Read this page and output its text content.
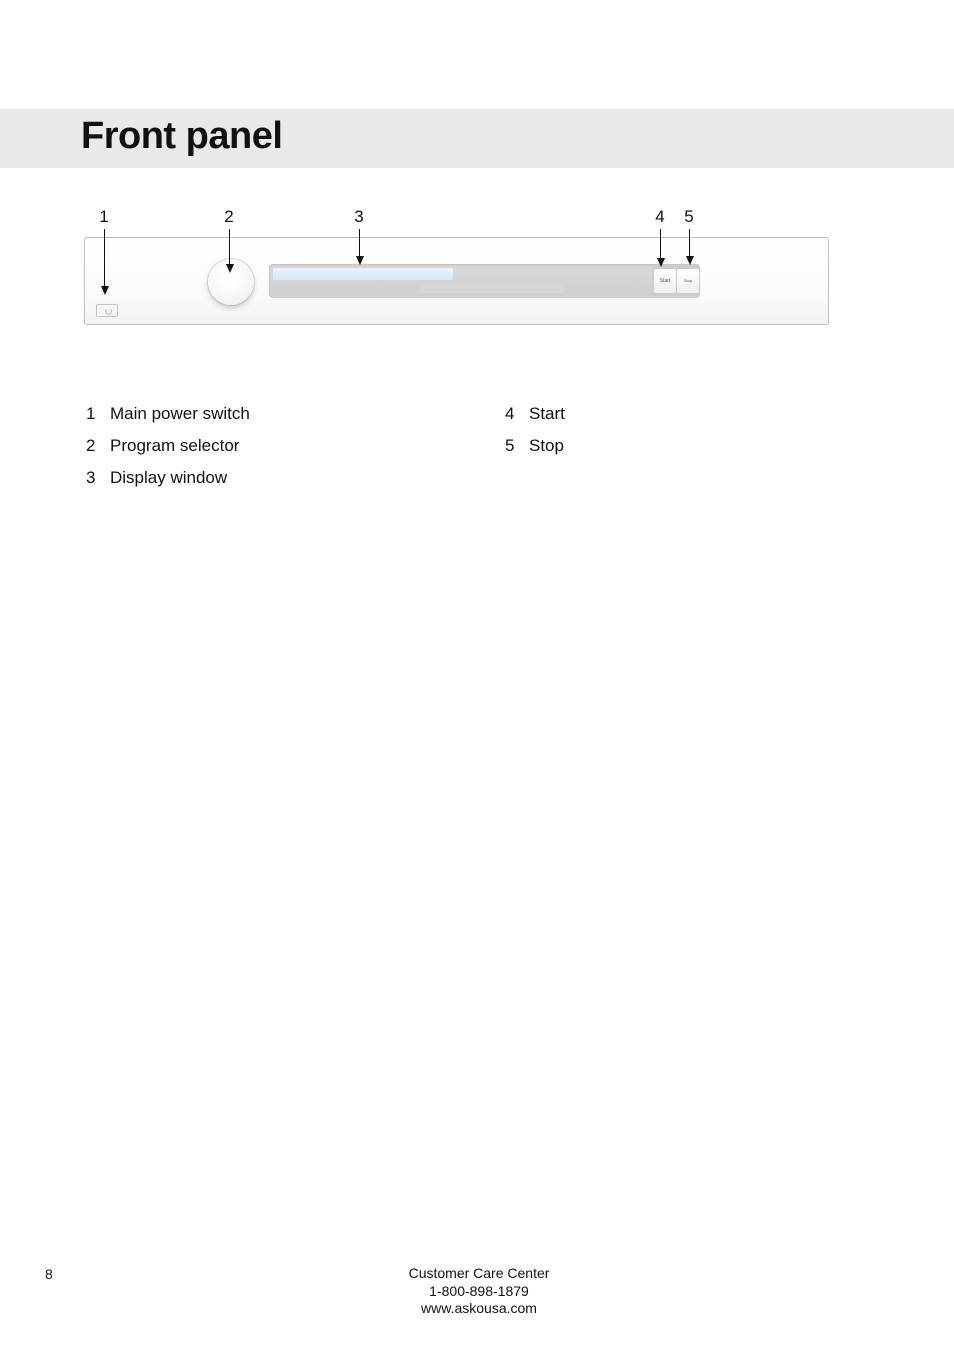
Front panel
1	2	3	4 5
Start	Stop
1 Main power switch
2 Program selector
3 Display window
4 Start
5 Stop
8	Customer Care Center
1-800-898-1879
www.askousa.com
